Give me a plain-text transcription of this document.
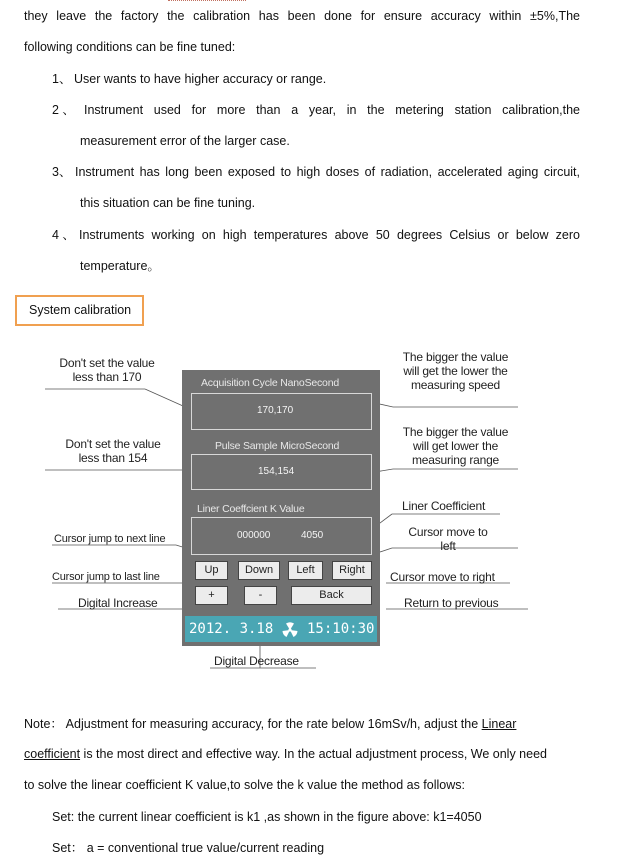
they leave the factory the calibration has been done for ensure accuracy within ±5%,The
following conditions can be fine tuned:
1、 User wants to have higher accuracy or range.
2 、 Instrument used for more than a year, in the metering station calibration,the
measurement error of the larger case.
3、 Instrument has long been exposed to high doses of radiation, accelerated aging circuit,
this situation can be fine tuning.
4 、 Instruments working on high temperatures above 50 degrees Celsius or below zero
temperature。
System calibration
Acquisition Cycle NanoSecond
170,170
Pulse Sample MicroSecond
154,154
Liner Coeffcient K Value
000000	4050
Up	Down	Left	Right
+	-	Back
2012. 3.18 15:10:30
Don't set the value
less than 170
The bigger the value
will get the lower the
measuring speed
Don't set the value
less than 154
The bigger the value
will get lower the
measuring range
Liner Coefficient
Cursor move to
left
Cursor jump to next line
Cursor jump to last line	Cursor move to right
Digital Increase	Return to previous
Digital Decrease
Note： Adjustment for measuring accuracy, for the rate below 16mSv/h, adjust the Linear
coefficient is the most direct and effective way. In the actual adjustment process, We only need
to solve the linear coefficient K value,to solve the k value the method as follows:
Set: the current linear coefficient is k1 ,as shown in the figure above: k1=4050
Set： a = conventional true value/current reading
